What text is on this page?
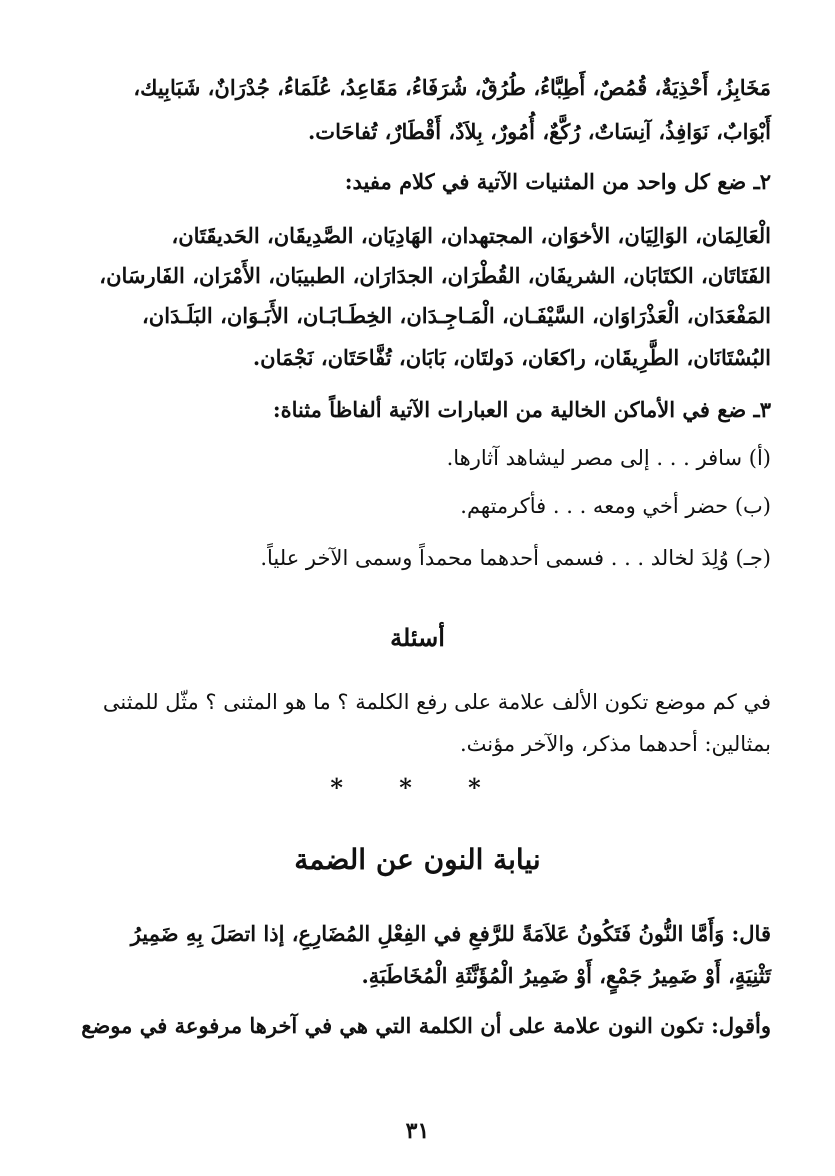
مَخَابِزُ، أَحْذِيَةٌ، قُمُصٌ، أَطِبَّاءُ، طُرُقٌ، شُرَفَاءُ، مَقَاعِدُ، عُلَمَاءُ، جُدْرَانٌ، شَبَابِيك،
أَبْوَابٌ، نَوَافِذُ، آنِسَاتٌ، رُكَّعٌ، أُمُورٌ، بِلاَدٌ، أَقْطَارٌ، تُفاحَات.
٢ـ ضع كل واحد من المثنيات الآتية في كلام مفيد:
الْعَالِمَان، الوَالِيَان، الأخوَان، المجتهدان، الهَادِيَان، الصَّدِيقَان، الحَديقَتَان،
الفَتَاتَان، الكتَابَان، الشريفَان، القُطْرَان، الجدَارَان، الطبيبَان، الأَمْرَان، الفَارسَان،
المَفْعَدَان، الْعَذْرَاوَان، السَّيْفَـان، الْمَـاجِـدَان، الخِطَـابَـان، الأَبَـوَان، البَلَـدَان،
البُسْتَانَان، الطَّرِيقَان، راكعَان، دَولتَان، بَابَان، تُفَّاحَتَان، نَجْمَان.
٣ـ ضع في الأماكن الخالية من العبارات الآتية ألفاظاً مثناة:
(أ) سافر . . . إلى مصر ليشاهد آثارها.
(ب) حضر أخي ومعه . . . فأكرمتهم.
(جـ) وُلِدَ لخالد . . . فسمى أحدهما محمداً وسمى الآخر علياً.
أسئلة
في كم موضع تكون الألف علامة على رفع الكلمة ؟ ما هو المثنى ؟ مثّل للمثنى
بمثالين: أحدهما مذكر، والآخر مؤنث.
* * *
نيابة النون عن الضمة
قال: وَأَمَّا النُّونُ فَتَكُونُ عَلاَمَةً للرَّفعِ في الفِعْلِ المُضَارِعِ، إذا اتصَلَ بِهِ ضَمِيرُ
تَثْنِيَةٍ، أَوْ ضَمِيرُ جَمْعٍ، أَوْ ضَمِيرُ الْمُؤَنَّثَةِ الْمُخَاطَبَةِ.
وأقول: تكون النون علامة على أن الكلمة التي هي في آخرها مرفوعة في موضع
٣١
